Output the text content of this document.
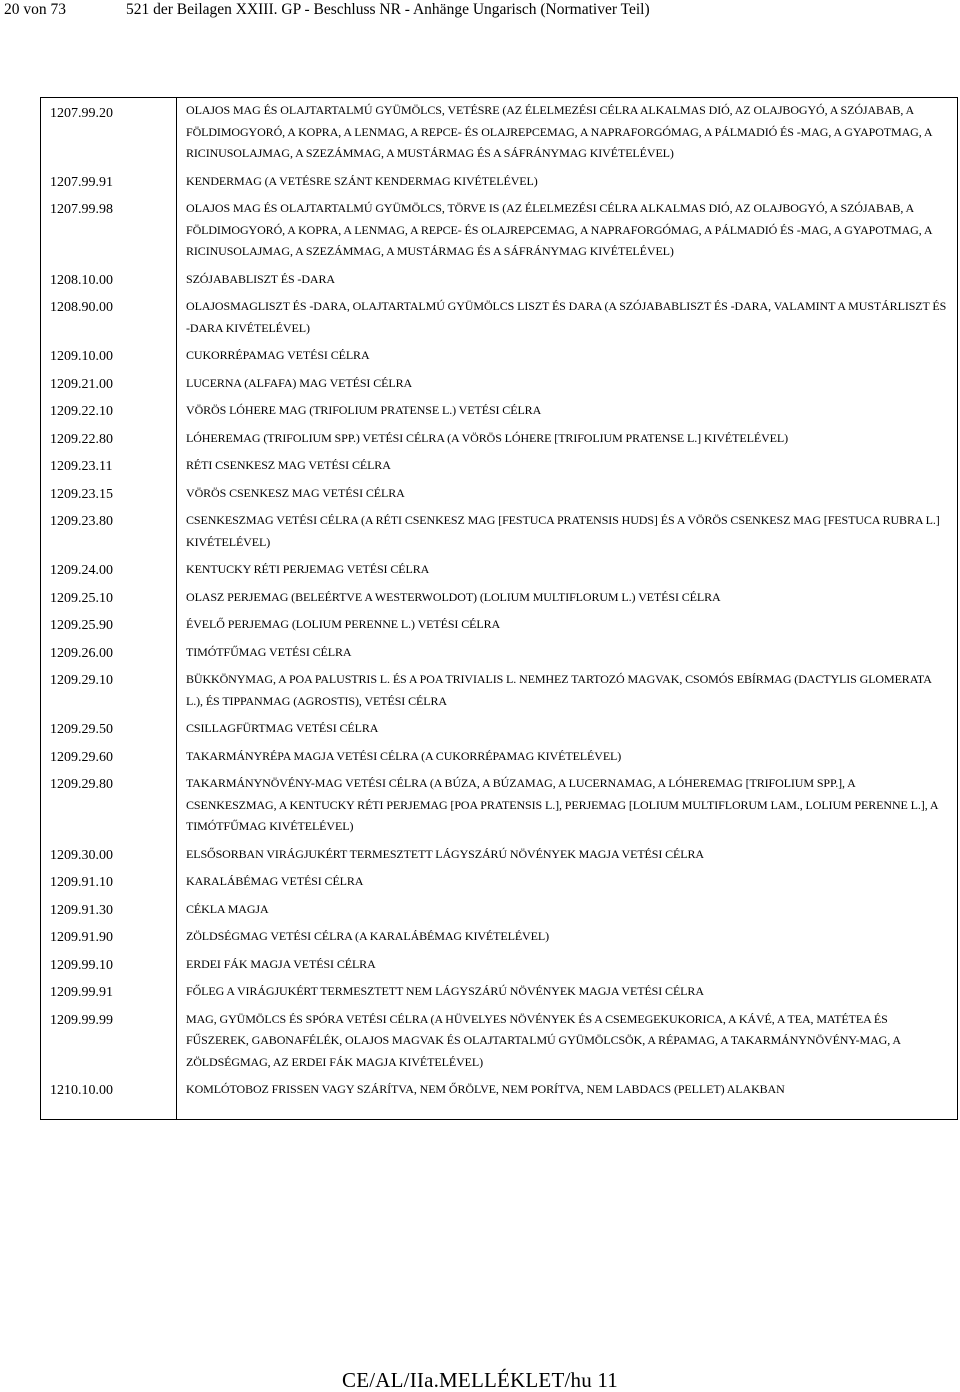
20 von 73	521 der Beilagen XXIII. GP - Beschluss NR - Anhänge Ungarisch (Normativer Teil)
1207.99.20	OLAJOS MAG ÉS OLAJTARTALMÚ GYÜMÖLCS, VETÉSRE (AZ ÉLELMEZÉSI CÉLRA ALKALMAS DIÓ, AZ OLAJBOGYÓ, A SZÓJABAB, A FÖLDIMOGYORÓ, A KOPRA, A LENMAG, A REPCE- ÉS OLAJREPCEMAG, A NAPRAFORGÓMAG, A PÁLMADIÓ ÉS -MAG, A GYAPOTMAG, A RICINUSOLAJMAG, A SZEZÁMMAG, A MUSTÁRMAG ÉS A SÁFRÁNYMAG KIVÉTELÉVEL)
1207.99.91	KENDERMAG (A VETÉSRE SZÁNT KENDERMAG KIVÉTELÉVEL)
1207.99.98	OLAJOS MAG ÉS OLAJTARTALMÚ GYÜMÖLCS, TÖRVE IS (AZ ÉLELMEZÉSI CÉLRA ALKALMAS DIÓ, AZ OLAJBOGYÓ, A SZÓJABAB, A FÖLDIMOGYORÓ, A KOPRA, A LENMAG, A REPCE- ÉS OLAJREPCEMAG, A NAPRAFORGÓMAG, A PÁLMADIÓ ÉS -MAG, A GYAPOTMAG, A RICINUSOLAJMAG, A SZEZÁMMAG, A MUSTÁRMAG ÉS A SÁFRÁNYMAG KIVÉTELÉVEL)
1208.10.00	SZÓJABABLISZT ÉS -DARA
1208.90.00	OLAJOSMAGLISZT ÉS -DARA, OLAJTARTALMÚ GYÜMÖLCS LISZT ÉS DARA (A SZÓJABABLISZT ÉS -DARA, VALAMINT A MUSTÁRLISZT ÉS -DARA KIVÉTELÉVEL)
1209.10.00	CUKORRÉPAMAG VETÉSI CÉLRA
1209.21.00	LUCERNA (ALFAFA) MAG VETÉSI CÉLRA
1209.22.10	VÖRÖS LÓHERE MAG (TRIFOLIUM PRATENSE L.) VETÉSI CÉLRA
1209.22.80	LÓHEREMAG (TRIFOLIUM SPP.) VETÉSI CÉLRA (A VÖRÖS LÓHERE [TRIFOLIUM PRATENSE L.] KIVÉTELÉVEL)
1209.23.11	RÉTI CSENKESZ MAG VETÉSI CÉLRA
1209.23.15	VÖRÖS CSENKESZ MAG VETÉSI CÉLRA
1209.23.80	CSENKESZMAG VETÉSI CÉLRA (A RÉTI CSENKESZ MAG [FESTUCA PRATENSIS HUDS] ÉS A VÖRÖS CSENKESZ MAG [FESTUCA RUBRA L.] KIVÉTELÉVEL)
1209.24.00	KENTUCKY RÉTI PERJEMAG VETÉSI CÉLRA
1209.25.10	OLASZ PERJEMAG (BELEÉRTVE A WESTERWOLDOT) (LOLIUM MULTIFLORUM L.) VETÉSI CÉLRA
1209.25.90	ÉVELŐ PERJEMAG (LOLIUM PERENNE L.) VETÉSI CÉLRA
1209.26.00	TIMÓTFŰMAG VETÉSI CÉLRA
1209.29.10	BÜKKÖNYMAG, A POA PALUSTRIS L. ÉS A POA TRIVIALIS L. NEMHEZ TARTOZÓ MAGVAK, CSOMÓS EBÍRMAG (DACTYLIS GLOMERATA L.), ÉS TIPPANMAG (AGROSTIS), VETÉSI CÉLRA
1209.29.50	CSILLAGFÜRTMAG VETÉSI CÉLRA
1209.29.60	TAKARMÁNYRÉPA MAGJA VETÉSI CÉLRA (A CUKORRÉPAMAG KIVÉTELÉVEL)
1209.29.80	TAKARMÁNYNÖVÉNY-MAG VETÉSI CÉLRA (A BÚZA, A BÚZAMAG, A LUCERNAMAG, A LÓHEREMAG [TRIFOLIUM SPP.], A CSENKESZMAG, A KENTUCKY RÉTI PERJEMAG [POA PRATENSIS L.], PERJEMAG [LOLIUM MULTIFLORUM LAM., LOLIUM PERENNE L.], A TIMÓTFŰMAG KIVÉTELÉVEL)
1209.30.00	ELSŐSORBAN VIRÁGJUKÉRT TERMESZTETT LÁGYSZÁRÚ NÖVÉNYEK MAGJA VETÉSI CÉLRA
1209.91.10	KARALÁBÉMAG VETÉSI CÉLRA
1209.91.30	CÉKLA MAGJA
1209.91.90	ZÖLDSÉGMAG VETÉSI CÉLRA (A KARALÁBÉMAG KIVÉTELÉVEL)
1209.99.10	ERDEI FÁK MAGJA VETÉSI CÉLRA
1209.99.91	FŐLEG A VIRÁGJUKÉRT TERMESZTETT NEM LÁGYSZÁRÚ NÖVÉNYEK MAGJA VETÉSI CÉLRA
1209.99.99	MAG, GYÜMÖLCS ÉS SPÓRA VETÉSI CÉLRA (A HÜVELYES NÖVÉNYEK ÉS A CSEMEGEKUKORICA, A KÁVÉ, A TEA, MATÉTEA ÉS FŰSZEREK, GABONAFÉLÉK, OLAJOS MAGVAK ÉS OLAJTARTALMÚ GYÜMÖLCSÖK, A RÉPAMAG, A TAKARMÁNYNÖVÉNY-MAG, A ZÖLDSÉGMAG, AZ ERDEI FÁK MAGJA KIVÉTELÉVEL)
1210.10.00	KOMLÓTOBOZ FRISSEN VAGY SZÁRÍTVA, NEM ŐRÖLVE, NEM PORÍTVA, NEM LABDACS (PELLET) ALAKBAN
CE/AL/IIa.MELLÉKLET/hu 11
